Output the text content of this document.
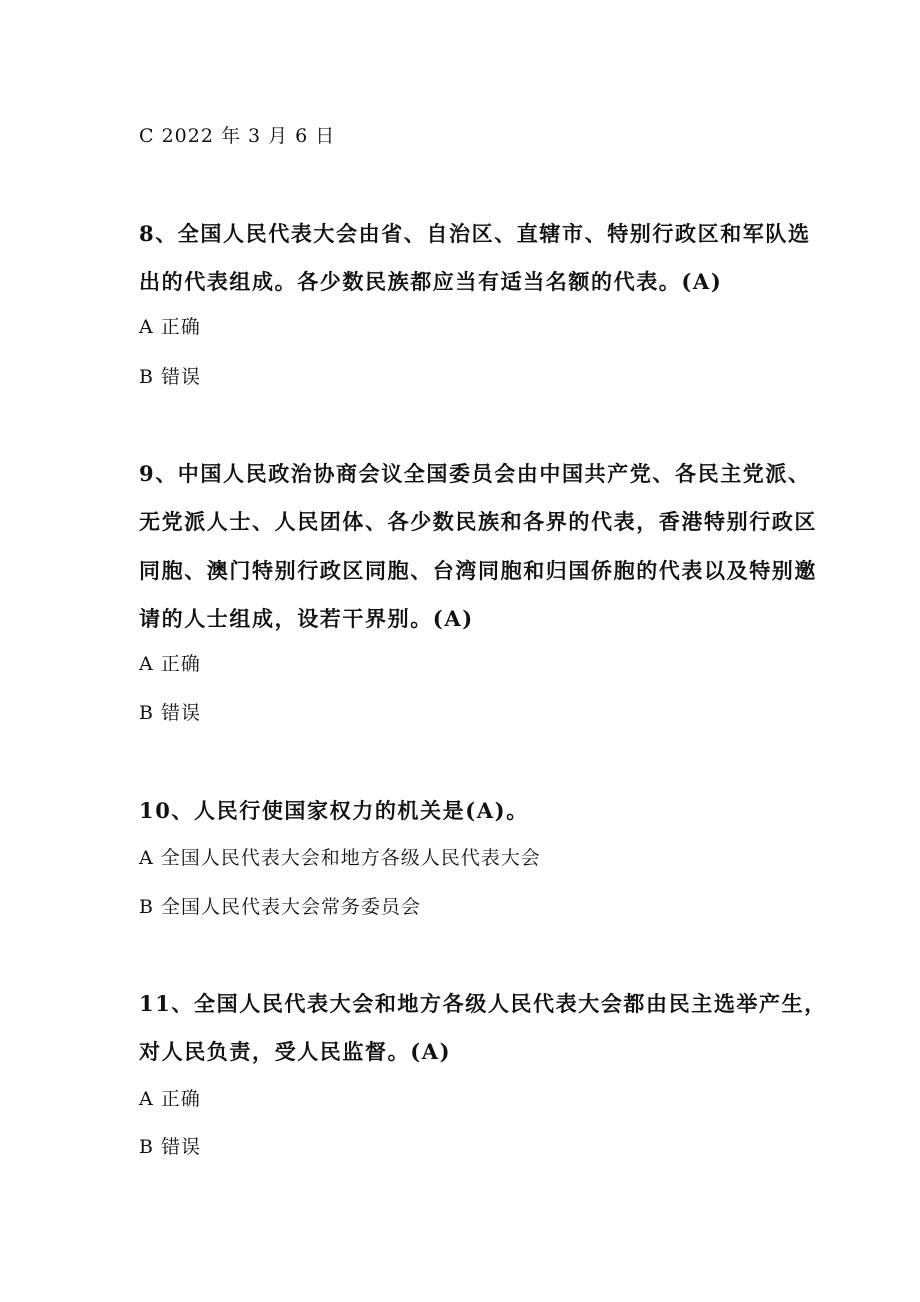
C 2022 年 3 月 6 日
8、全国人民代表大会由省、自治区、直辖市、特别行政区和军队选
出的代表组成。各少数民族都应当有适当名额的代表。(A)
A 正确
B 错误
9、中国人民政治协商会议全国委员会由中国共产党、各民主党派、
无党派人士、人民团体、各少数民族和各界的代表，香港特别行政区
同胞、澳门特别行政区同胞、台湾同胞和归国侨胞的代表以及特别邀
请的人士组成，设若干界别。(A)
A 正确
B 错误
10、人民行使国家权力的机关是(A)。
A 全国人民代表大会和地方各级人民代表大会
B 全国人民代表大会常务委员会
11、全国人民代表大会和地方各级人民代表大会都由民主选举产生，
对人民负责，受人民监督。(A)
A 正确
B 错误
